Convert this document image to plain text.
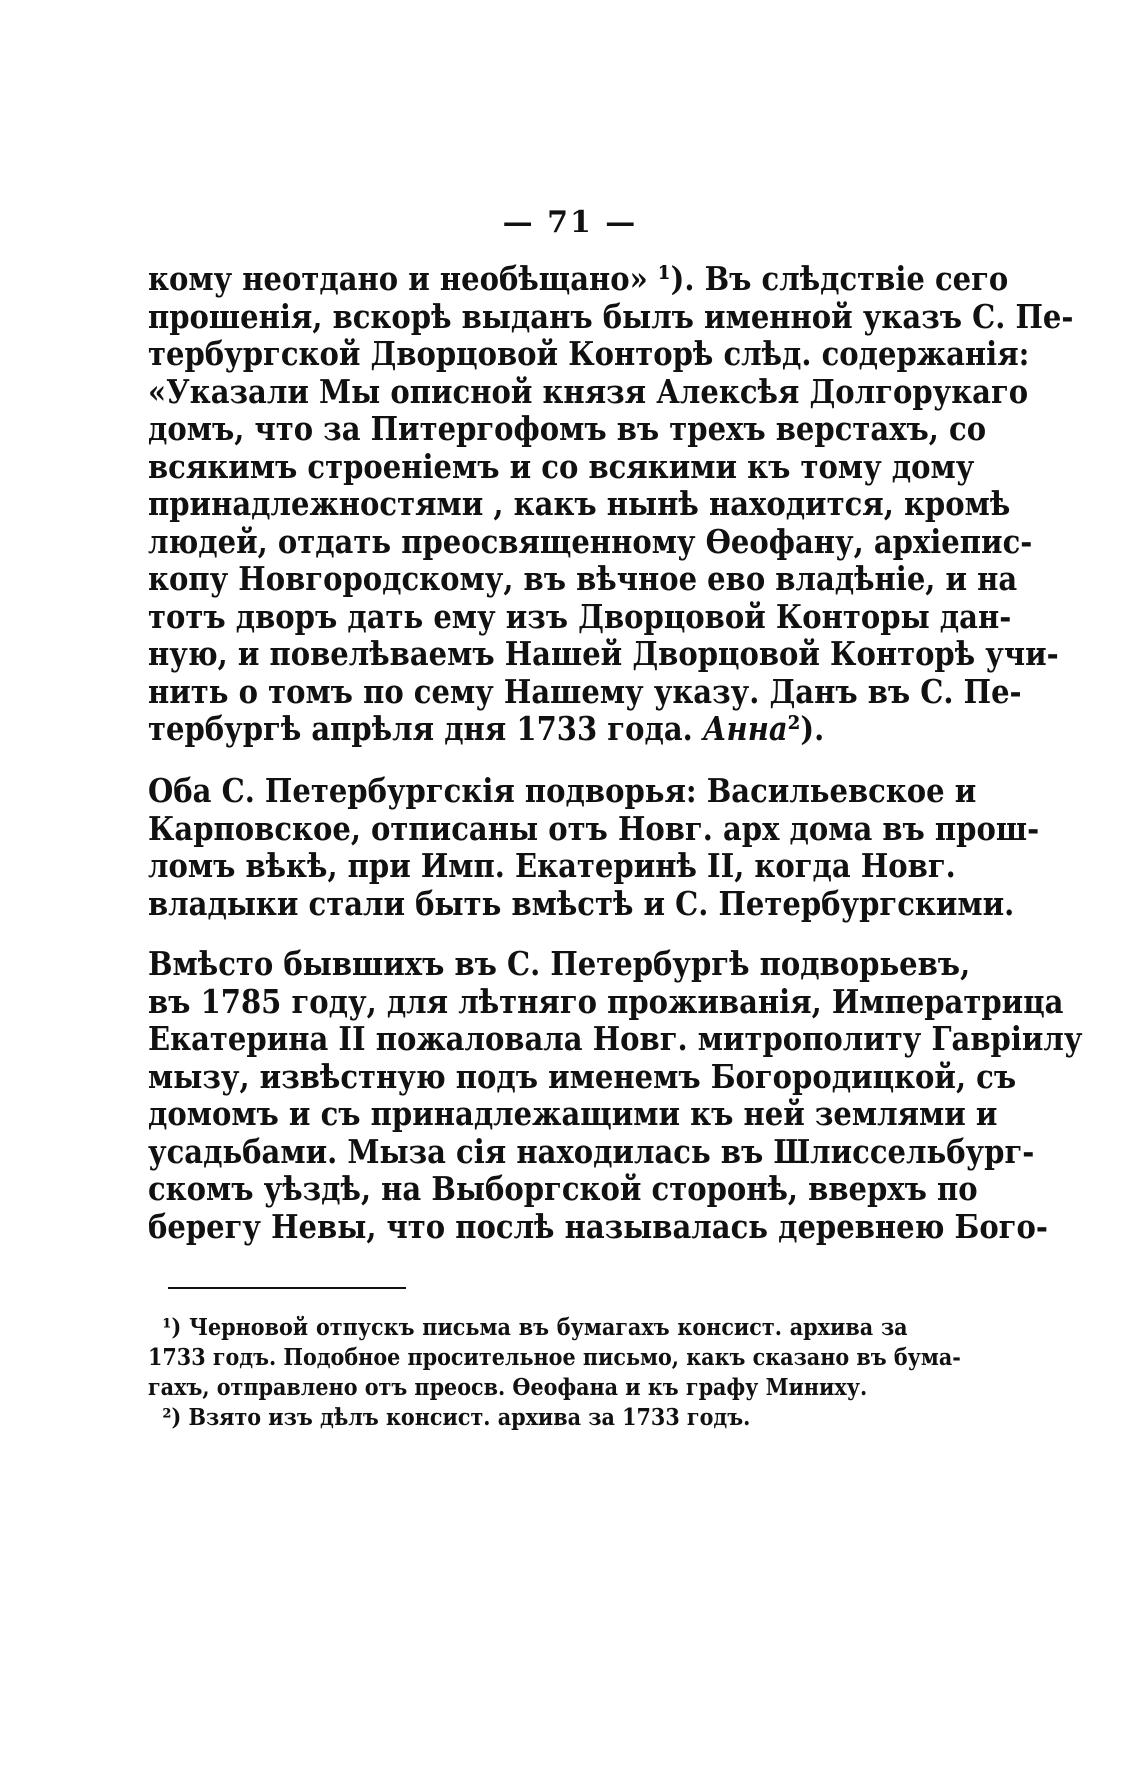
— 71 —
кому неотдано и необѣщано» ¹). Въ слѣдствіе сего
прошенія, вскорѣ выданъ былъ именной указъ С. Пе-
тербургской Дворцовой Конторѣ слѣд. содержанія:
«Указали Мы описной князя Алексѣя Долгорукаго
домъ, что за Питергофомъ въ трехъ верстахъ, со
всякимъ строеніемъ и со всякими къ тому дому
принадлежностями , какъ нынѣ находится, кромѣ
людей, отдать преосвященному Ѳеофану, архіепис-
копу Новгородскому, въ вѣчное ево владѣніе, и на
тотъ дворъ дать ему изъ Дворцовой Конторы дан-
ную, и повелѣваемъ Нашей Дворцовой Конторѣ учи-
нить о томъ по сему Нашему указу. Данъ въ С. Пе-
тербургѣ апрѣля дня 1733 года. Анна²).
Оба С. Петербургскія подворья: Васильевское и
Карповское, отписаны отъ Новг. арх дома въ прош-
ломъ вѣкѣ, при Имп. Екатеринѣ II, когда Новг.
владыки стали быть вмѣстѣ и С. Петербургскими.
Вмѣсто бывшихъ въ С. Петербургѣ подворьевъ,
въ 1785 году, для лѣтняго проживанія, Императрица
Екатерина II пожаловала Новг. митрополиту Гавріилу
мызу, извѣстную подъ именемъ Богородицкой, съ
домомъ и съ принадлежащими къ ней землями и
усадьбами. Мыза сія находилась въ Шлиссельбург-
скомъ уѣздѣ, на Выборгской сторонѣ, вверхъ по
берегу Невы, что послѣ называлась деревнею Бого-
¹) Черновой отпускъ письма въ бумагахъ консист. архива за
1733 годъ. Подобное просительное письмо, какъ сказано въ бума-
гахъ, отправлено отъ преосв. Ѳеофана и къ графу Миниху.
²) Взято изъ дѣлъ консист. архива за 1733 годъ.
